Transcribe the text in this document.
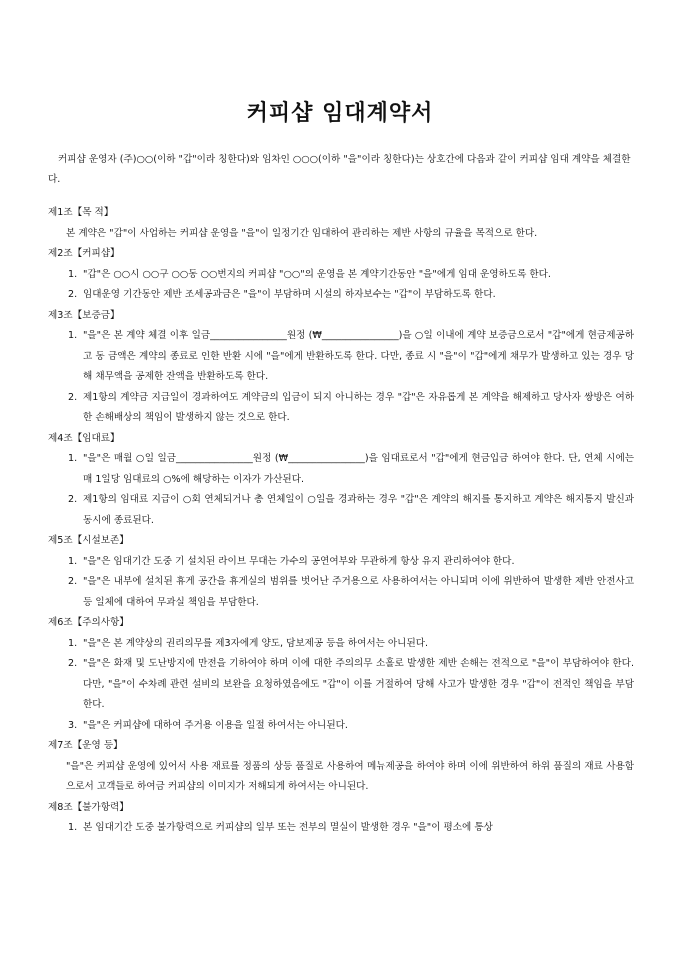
커피샵 임대계약서
커피샵 운영자 (주)○○(이하 "갑"이라 칭한다)와 임차인 ○○○(이하 "을"이라 칭한다)는 상호간에 다음과 같이 커피샵 임대 계약을 체결한다.
제1조【목 적】
본 계약은 "갑"이 사업하는 커피샵 운영을 "을"이 일정기간 임대하여 관리하는 제반 사항의 규율을 목적으로 한다.
제2조【커피샵】
1. "갑"은 ○○시 ○○구 ○○동 ○○번지의 커피샵 "○○"의 운영을 본 계약기간동안 "을"에게 임대 운영하도록 한다.
2. 임대운영 기간동안 제반 조세공과금은 "을"이 부담하며 시설의 하자보수는 "갑"이 부담하도록 한다.
제3조【보증금】
1. "을"은 본 계약 체결 이후 일금________________원정 (₩________________)을 ○일 이내에 계약 보증금으로서 "갑"에게 현금제공하고 동 금액은 계약의 종료로 인한 반환 시에 "을"에게 반환하도록 한다. 다만, 종료 시 "을"이 "갑"에게 채무가 발생하고 있는 경우 당해 채무액을 공제한 잔액을 반환하도록 한다.
2. 제1항의 계약금 지급일이 경과하여도 계약금의 입금이 되지 아니하는 경우 "갑"은 자유롭게 본 계약을 해제하고 당사자 쌍방은 여하한 손해배상의 책임이 발생하지 않는 것으로 한다.
제4조【임대료】
1. "을"은 매월 ○일 일금________________원정 (₩________________)을 임대료로서 "갑"에게 현금입금 하여야 한다. 단, 연체 시에는 매 1일당 임대료의 ○%에 해당하는 이자가 가산된다.
2. 제1항의 임대료 지급이 ○회 연체되거나 총 연체일이 ○일을 경과하는 경우 "갑"은 계약의 해지를 통지하고 계약은 해지통지 발신과 동시에 종료된다.
제5조【시설보존】
1. "을"은 임대기간 도중 기 설치된 라이브 무대는 가수의 공연여부와 무관하게 항상 유지 관리하여야 한다.
2. "을"은 내부에 설치된 휴게 공간을 휴게실의 범위를 벗어난 주거용으로 사용하여서는 아니되며 이에 위반하여 발생한 제반 안전사고 등 일체에 대하여 무과실 책임을 부담한다.
제6조【주의사항】
1. "을"은 본 계약상의 권리의무를 제3자에게 양도, 담보제공 등을 하여서는 아니된다.
2. "을"은 화재 및 도난방지에 만전을 기하여야 하며 이에 대한 주의의무 소홀로 발생한 제반 손해는 전적으로 "을"이 부담하여야 한다. 다만, "을"이 수차례 관련 설비의 보완을 요청하였음에도 "갑"이 이를 거절하여 당해 사고가 발생한 경우 "갑"이 전적인 책임을 부담한다.
3. "을"은 커피샵에 대하여 주거용 이용을 일절 하여서는 아니된다.
제7조【운영 등】
"을"은 커피샵 운영에 있어서 사용 재료를 정품의 상등 품질로 사용하여 메뉴제공을 하여야 하며 이에 위반하여 하위 품질의 재료 사용함으로서 고객들로 하여금 커피샵의 이미지가 저해되게 하여서는 아니된다.
제8조【불가항력】
1. 본 임대기간 도중 불가항력으로 커피샵의 일부 또는 전부의 멸실이 발생한 경우 "을"이 평소에 통상
